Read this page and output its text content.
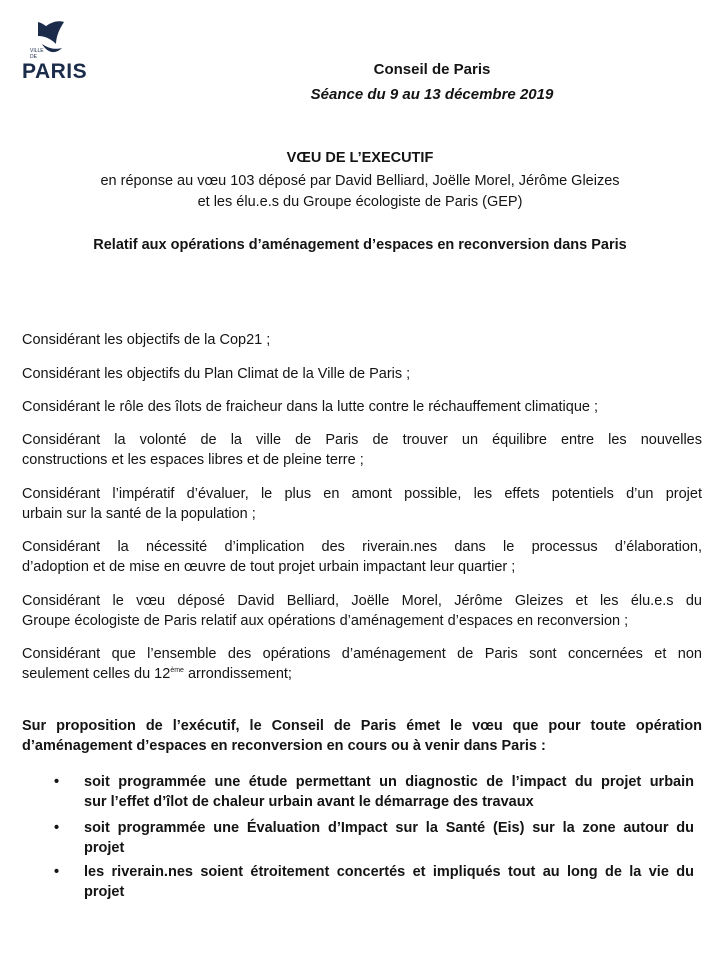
VILLE DE
PARIS	Conseil de Paris
Séance du 9 au 13 décembre 2019
VŒU DE L’EXECUTIF
en réponse au vœu 103 déposé par David Belliard, Joëlle Morel, Jérôme Gleizes
et les élu.e.s du Groupe écologiste de Paris (GEP)
Relatif aux opérations d’aménagement d’espaces en reconversion dans Paris
Considérant les objectifs de la Cop21 ;
Considérant les objectifs du Plan Climat de la Ville de Paris ;
Considérant le rôle des îlots de fraicheur dans la lutte contre le réchauffement climatique ;
Considérant la volonté de la ville de Paris de trouver un équilibre entre les nouvelles
constructions et les espaces libres et de pleine terre ;
Considérant l’impératif d’évaluer, le plus en amont possible, les effets potentiels d’un projet
urbain sur la santé de la population ;
Considérant la nécessité d’implication des riverain.nes dans le processus d’élaboration,
d’adoption et de mise en œuvre de tout projet urbain impactant leur quartier ;
Considérant le vœu déposé David Belliard, Joëlle Morel, Jérôme Gleizes et les élu.e.s du
Groupe écologiste de Paris relatif aux opérations d’aménagement d’espaces en reconversion ;
Considérant que l’ensemble des opérations d’aménagement de Paris sont concernées et non
seulement celles du 12ème arrondissement;
Sur proposition de l’exécutif, le Conseil de Paris émet le vœu que pour toute opération
d’aménagement d’espaces en reconversion en cours ou à venir dans Paris :
• soit programmée une étude permettant un diagnostic de l’impact du projet urbain
sur l’effet d’îlot de chaleur urbain avant le démarrage des travaux
• soit programmée une Évaluation d’Impact sur la Santé (Eis) sur la zone autour du
projet
• les riverain.nes soient étroitement concertés et impliqués tout au long de la vie du
projet
